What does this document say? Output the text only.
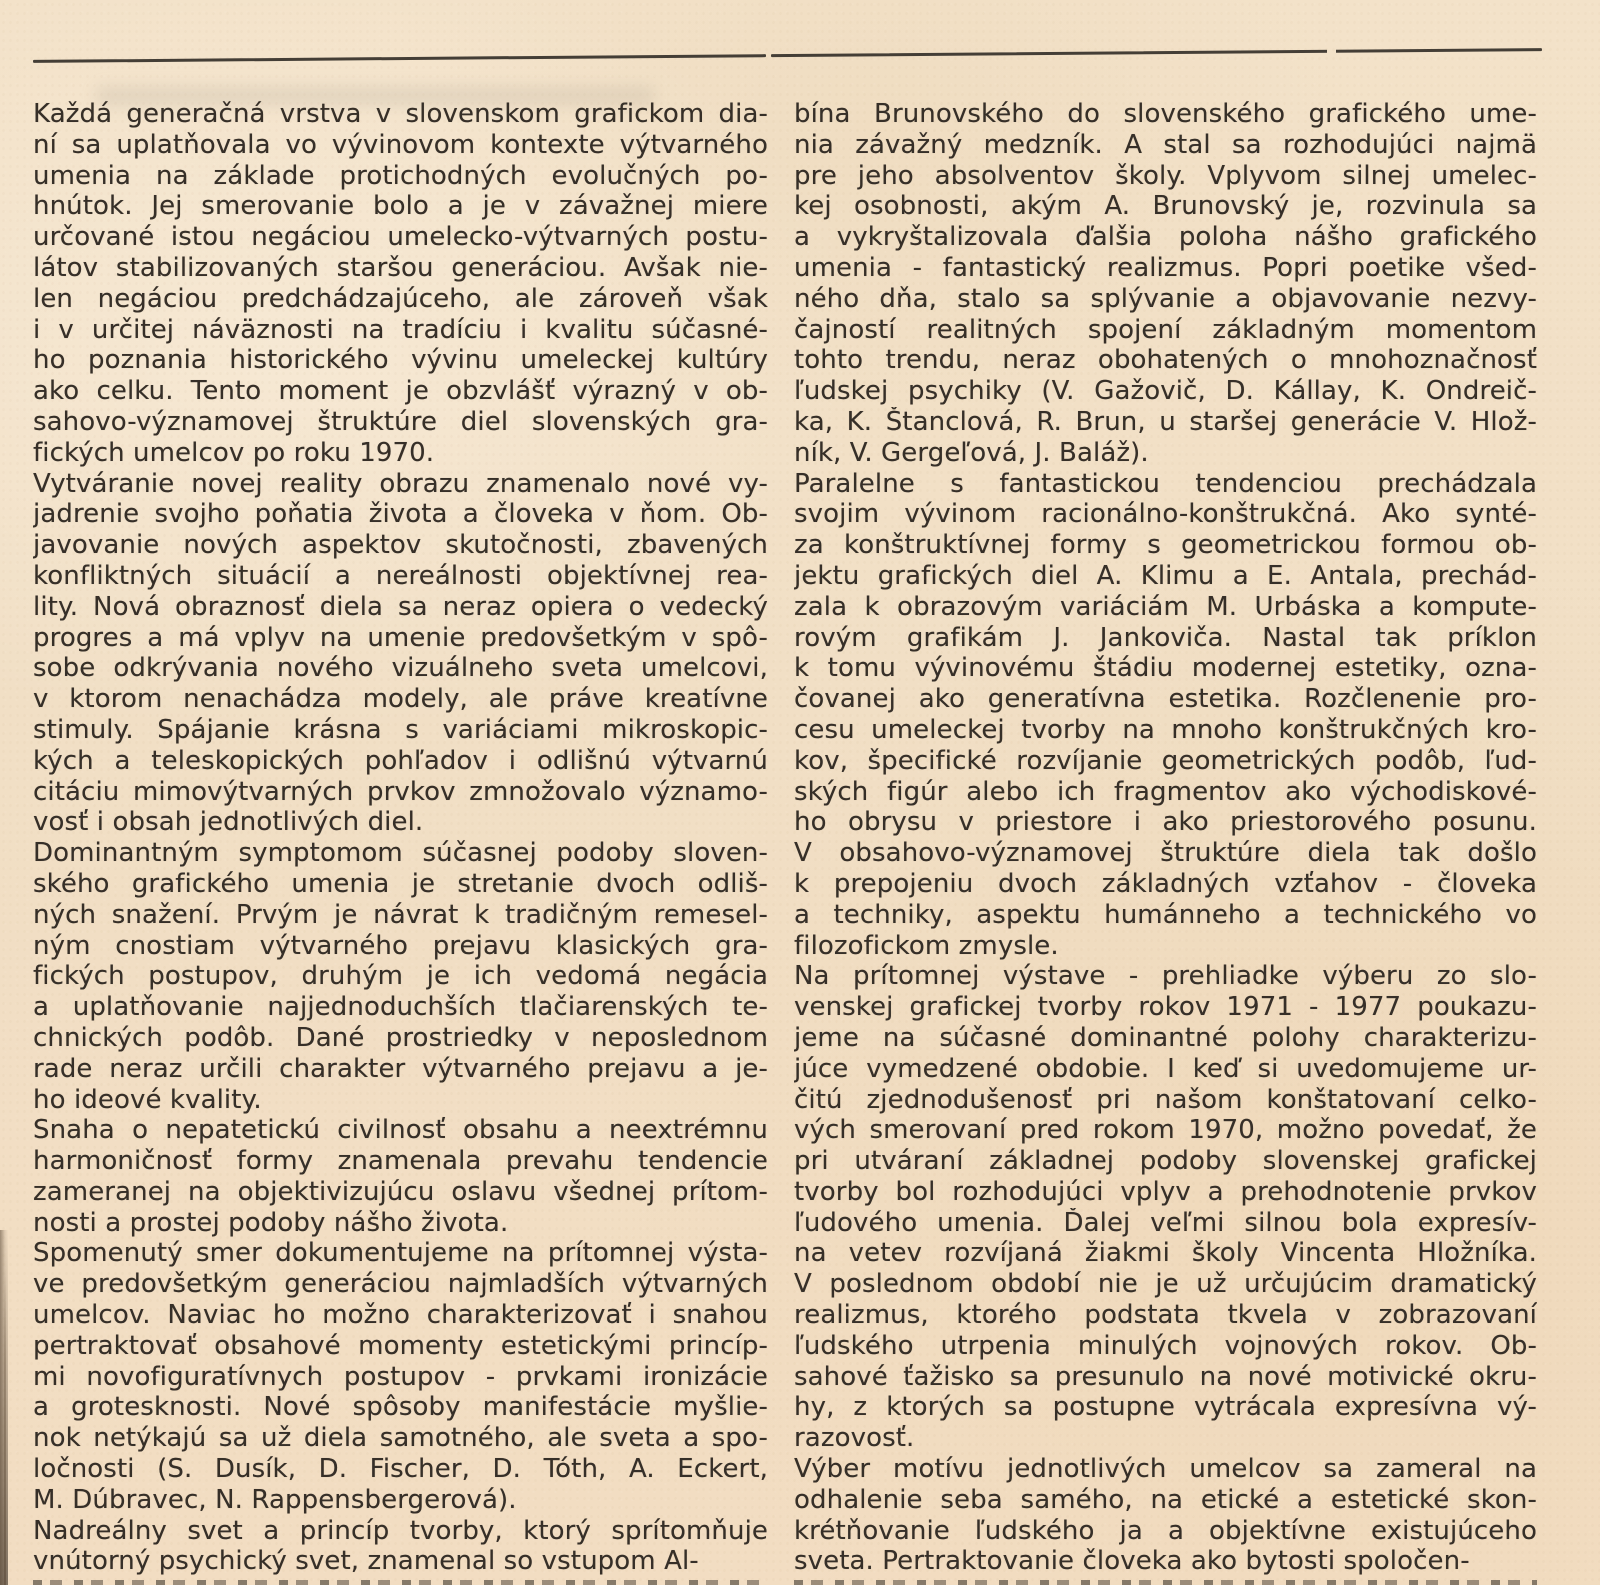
Každá generačná vrstva v slovenskom grafickom dia-
ní sa uplatňovala vo vývinovom kontexte výtvarného
umenia na základe protichodných evolučných po-
hnútok. Jej smerovanie bolo a je v závažnej miere
určované istou negáciou umelecko-výtvarných postu-
látov stabilizovaných staršou generáciou. Avšak nie-
len negáciou predchádzajúceho, ale zároveň však
i v určitej náväznosti na tradíciu i kvalitu súčasné-
ho poznania historického vývinu umeleckej kultúry
ako celku. Tento moment je obzvlášť výrazný v ob-
sahovo-významovej štruktúre diel slovenských gra-
fických umelcov po roku 1970.
Vytváranie novej reality obrazu znamenalo nové vy-
jadrenie svojho poňatia života a človeka v ňom. Ob-
javovanie nových aspektov skutočnosti, zbavených
konfliktných situácií a nereálnosti objektívnej rea-
lity. Nová obraznosť diela sa neraz opiera o vedecký
progres a má vplyv na umenie predovšetkým v spô-
sobe odkrývania nového vizuálneho sveta umelcovi,
v ktorom nenachádza modely, ale práve kreatívne
stimuly. Spájanie krásna s variáciami mikroskopic-
kých a teleskopických pohľadov i odlišnú výtvarnú
citáciu mimovýtvarných prvkov zmnožovalo významo-
vosť i obsah jednotlivých diel.
Dominantným symptomom súčasnej podoby sloven-
ského grafického umenia je stretanie dvoch odliš-
ných snažení. Prvým je návrat k tradičným remesel-
ným cnostiam výtvarného prejavu klasických gra-
fických postupov, druhým je ich vedomá negácia
a uplatňovanie najjednoduchších tlačiarenských te-
chnických podôb. Dané prostriedky v neposlednom
rade neraz určili charakter výtvarného prejavu a je-
ho ideové kvality.
Snaha o nepatetickú civilnosť obsahu a neextrémnu
harmoničnosť formy znamenala prevahu tendencie
zameranej na objektivizujúcu oslavu všednej prítom-
nosti a prostej podoby nášho života.
Spomenutý smer dokumentujeme na prítomnej výsta-
ve predovšetkým generáciou najmladších výtvarných
umelcov. Naviac ho možno charakterizovať i snahou
pertraktovať obsahové momenty estetickými princíp-
mi novofiguratívnych postupov - prvkami ironizácie
a grotesknosti. Nové spôsoby manifestácie myšlie-
nok netýkajú sa už diela samotného, ale sveta a spo-
ločnosti (S. Dusík, D. Fischer, D. Tóth, A. Eckert,
M. Dúbravec, N. Rappensbergerová).
Nadreálny svet a princíp tvorby, ktorý sprítomňuje
vnútorný psychický svet, znamenal so vstupom Al-
bína Brunovského do slovenského grafického ume-
nia závažný medzník. A stal sa rozhodujúci najmä
pre jeho absolventov školy. Vplyvom silnej umelec-
kej osobnosti, akým A. Brunovský je, rozvinula sa
a vykryštalizovala ďalšia poloha nášho grafického
umenia - fantastický realizmus. Popri poetike všed-
ného dňa, stalo sa splývanie a objavovanie nezvy-
čajností realitných spojení základným momentom
tohto trendu, neraz obohatených o mnohoznačnosť
ľudskej psychiky (V. Gažovič, D. Kállay, K. Ondreič-
ka, K. Štanclová, R. Brun, u staršej generácie V. Hlož-
ník, V. Gergeľová, J. Baláž).
Paralelne s fantastickou tendenciou prechádzala
svojim vývinom racionálno-konštrukčná. Ako synté-
za konštruktívnej formy s geometrickou formou ob-
jektu grafických diel A. Klimu a E. Antala, prechád-
zala k obrazovým variáciám M. Urbáska a kompute-
rovým grafikám J. Jankoviča. Nastal tak príklon
k tomu vývinovému štádiu modernej estetiky, ozna-
čovanej ako generatívna estetika. Rozčlenenie pro-
cesu umeleckej tvorby na mnoho konštrukčných kro-
kov, špecifické rozvíjanie geometrických podôb, ľud-
ských figúr alebo ich fragmentov ako východiskové-
ho obrysu v priestore i ako priestorového posunu.
V obsahovo-významovej štruktúre diela tak došlo
k prepojeniu dvoch základných vzťahov - človeka
a techniky, aspektu humánneho a technického vo
filozofickom zmysle.
Na prítomnej výstave - prehliadke výberu zo slo-
venskej grafickej tvorby rokov 1971 - 1977 poukazu-
jeme na súčasné dominantné polohy charakterizu-
júce vymedzené obdobie. I keď si uvedomujeme ur-
čitú zjednodušenosť pri našom konštatovaní celko-
vých smerovaní pred rokom 1970, možno povedať, že
pri utváraní základnej podoby slovenskej grafickej
tvorby bol rozhodujúci vplyv a prehodnotenie prvkov
ľudového umenia. Ďalej veľmi silnou bola expresív-
na vetev rozvíjaná žiakmi školy Vincenta Hložníka.
V poslednom období nie je už určujúcim dramatický
realizmus, ktorého podstata tkvela v zobrazovaní
ľudského utrpenia minulých vojnových rokov. Ob-
sahové ťažisko sa presunulo na nové motivické okru-
hy, z ktorých sa postupne vytrácala expresívna vý-
razovosť.
Výber motívu jednotlivých umelcov sa zameral na
odhalenie seba samého, na etické a estetické skon-
krétňovanie ľudského ja a objektívne existujúceho
sveta. Pertraktovanie človeka ako bytosti spoločen-
